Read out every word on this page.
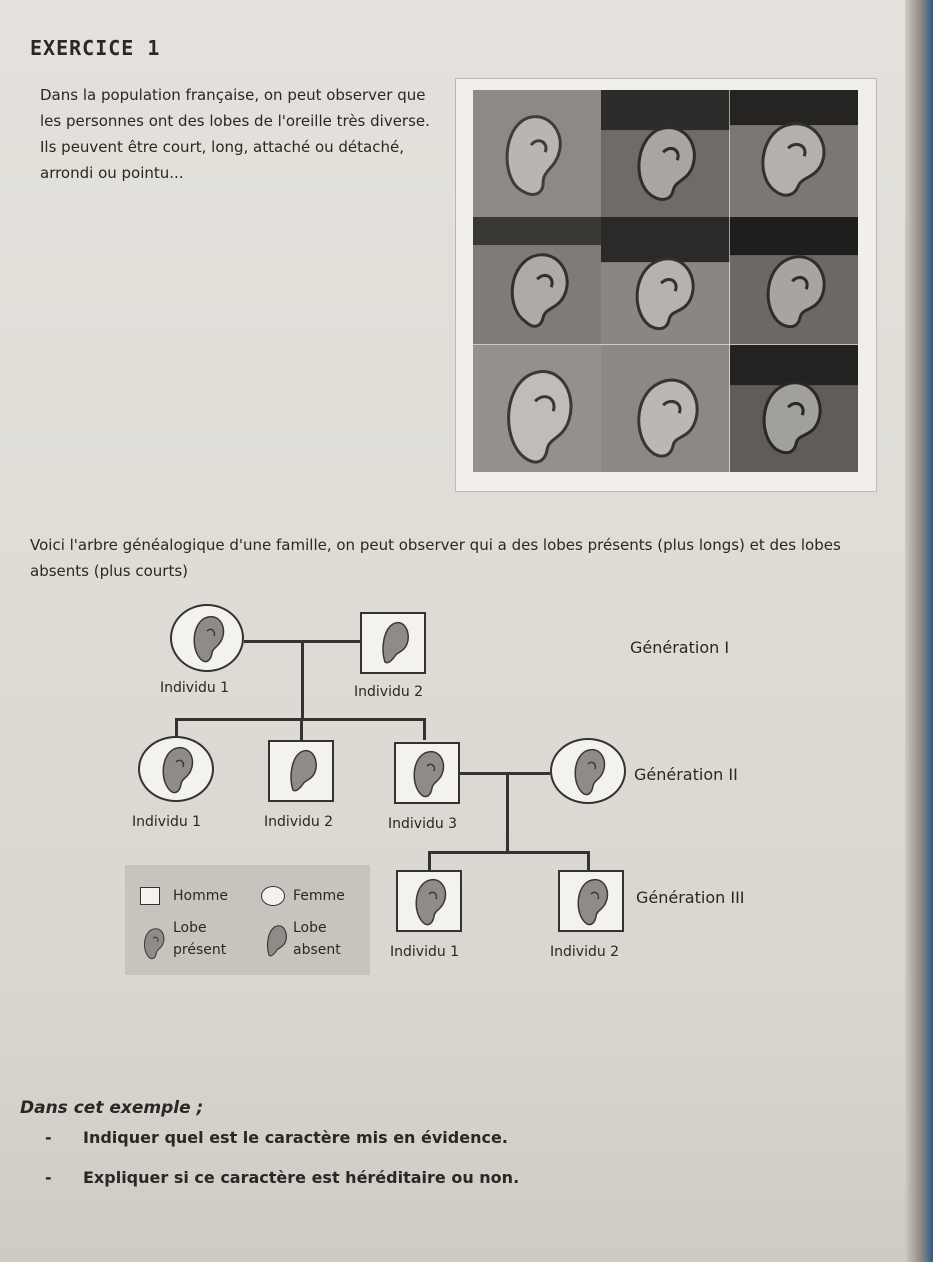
EXERCICE 1
Dans la population française, on peut observer que les personnes ont des lobes de l'oreille très diverse. Ils peuvent être court, long, attaché ou détaché, arrondi ou pointu...
Voici l'arbre généalogique d'une famille, on peut observer qui a des lobes présents (plus longs) et des lobes absents (plus courts)
Individu 1	Individu 2
Génération I
Individu 1	Individu 2	Individu 3
Génération II
Individu 1	Individu 2
Génération III
Homme	Femme
Lobe
présent
Lobe
absent
Dans cet exemple ;
- Indiquer quel est le caractère mis en évidence.
- Expliquer si ce caractère est héréditaire ou non.
